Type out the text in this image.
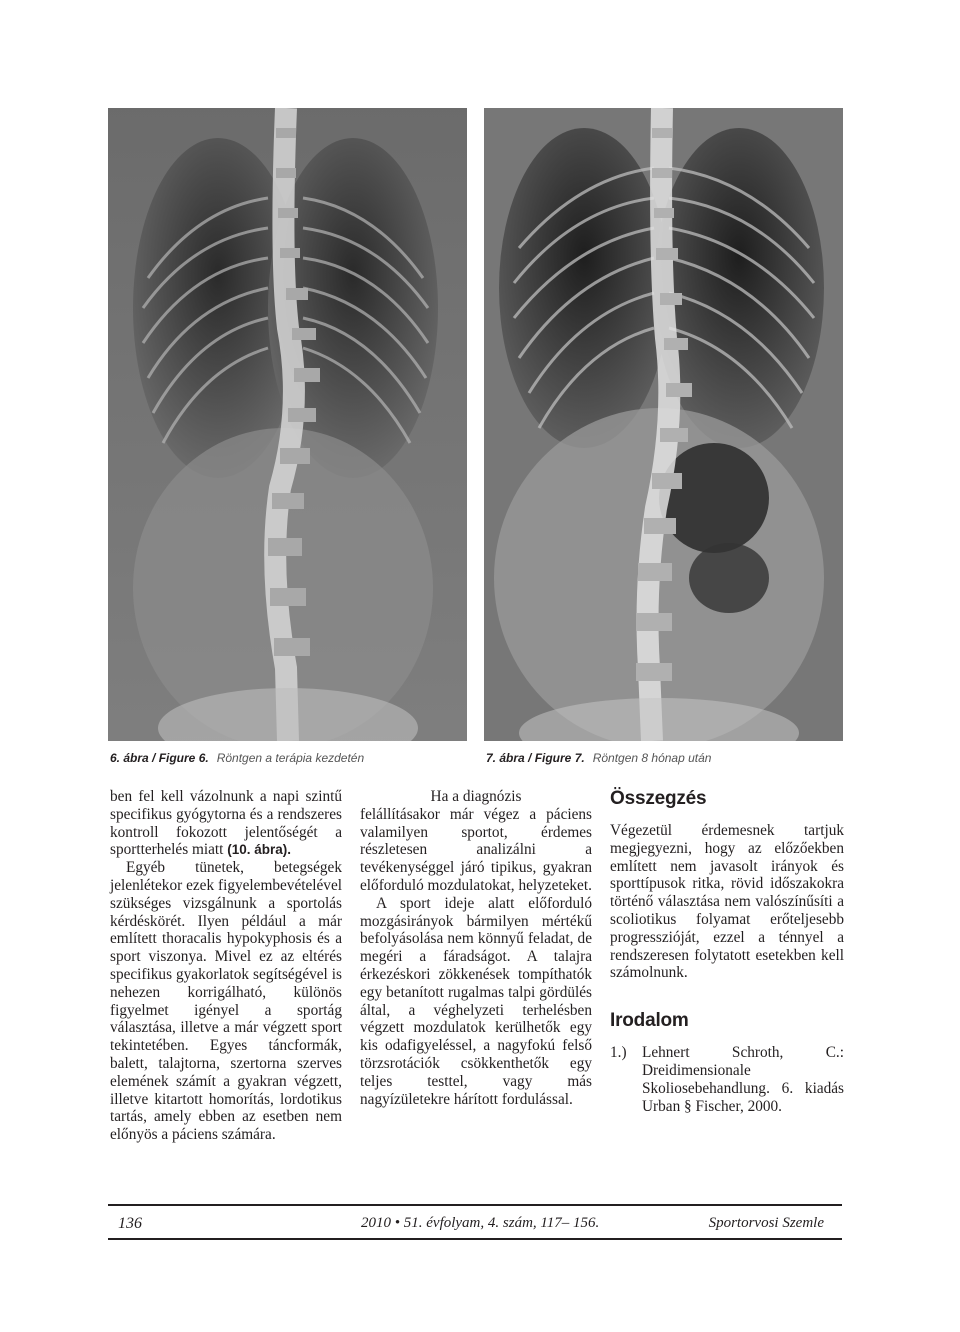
6. ábra / Figure 6. Röntgen a terápia kezdetén	7. ábra / Figure 7. Röntgen 8 hónap után

ben fel kell vázolnunk a napi szintű specifikus gyógytorna és a rendszeres kontroll fokozott jelentőségét a sportterhelés miatt (10. ábra).

Egyéb tünetek, betegségek jelenlétekor ezek figyelembevételével szükséges vizsgálnunk a sportolás kérdéskörét. Ilyen például a már említett thoracalis hypokyphosis és a sport viszonya. Mivel ez az eltérés specifikus gyakorlatok segítségével is nehezen korrigálható, különös figyelmet igényel a sportág választása, illetve a már végzett sport tekintetében. Egyes táncformák, balett, talajtorna, szertorna szerves elemének számít a gyakran végzett, illetve kitartott homorítás, lordotikus tartás, amely ebben az esetben nem előnyös a páciens számára.

Ha a diagnózis
felállításakor már végez a páciens valamilyen sportot, érdemes részletesen analizálni a tevékenységgel járó tipikus, gyakran előforduló mozdulatokat, helyzeteket.

A sport ideje alatt előforduló mozgásirányok bármilyen mértékű befolyásolása nem könnyű feladat, de megéri a fáradságot. A talajra érkezéskori zökkenések tompíthatók egy betanított rugalmas talpi gördülés által, a véghelyzeti terhelésben végzett mozdulatok kerülhetők egy kis odafigyeléssel, a nagyfokú felső törzsrotációk csökkenthetők egy teljes testtel, vagy más nagyízületekre hárított fordulással.

Összegzés

Végezetül érdemesnek tartjuk megjegyezni, hogy az előzőekben említett nem javasolt irányok és sporttípusok ritka, rövid időszakokra történő választása nem valószínűsíti a scoliotikus folyamat erőteljesebb progresszióját, ezzel a ténnyel a rendszeresen folytatott esetekben kell számolnunk.

Irodalom
1.)	Lehnert Schroth, C.: Dreidimensionale Skoliosebehandlung. 6. kiadás Urban § Fischer, 2000.
136	2010 • 51. évfolyam, 4. szám, 117– 156.	Sportorvosi Szemle
